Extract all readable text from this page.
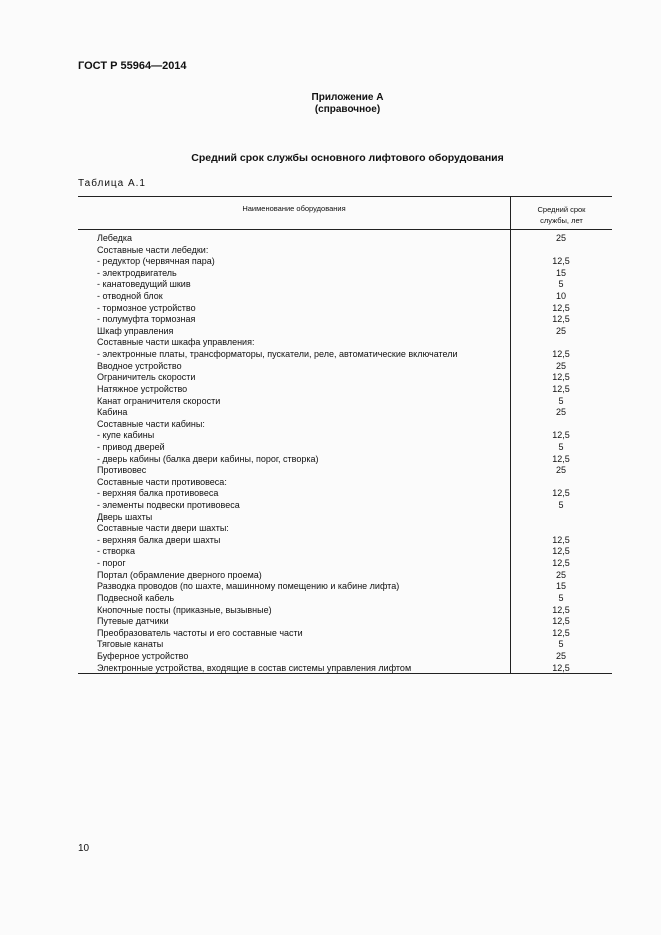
ГОСТ Р 55964—2014
Приложение А
(справочное)
Средний срок службы основного лифтового оборудования
Таблица А.1
Наименование оборудования	Средний срок
службы, лет
Лебедка	25
Составные части лебедки:
- редуктор (червячная пара)	12,5
- электродвигатель	15
- канатоведущий шкив	5
- отводной блок	10
- тормозное устройство	12,5
- полумуфта тормозная	12,5
Шкаф управления	25
Составные части шкафа управления:
- электронные платы, трансформаторы, пускатели, реле, автоматические включатели	12,5
Вводное устройство	25
Ограничитель скорости	12,5
Натяжное устройство	12,5
Канат ограничителя скорости	5
Кабина	25
Составные части кабины:
- купе кабины	12,5
- привод дверей	5
- дверь кабины (балка двери кабины, порог, створка)	12,5
Противовес	25
Составные части противовеса:
- верхняя балка противовеса	12,5
- элементы подвески противовеса	5
Дверь шахты
Составные части двери шахты:
- верхняя балка двери шахты	12,5
- створка	12,5
- порог	12,5
Портал (обрамление дверного проема)	25
Разводка проводов (по шахте, машинному помещению и кабине лифта)	15
Подвесной кабель	5
Кнопочные посты (приказные, вызывные)	12,5
Путевые датчики	12,5
Преобразователь частоты и его составные части	12,5
Тяговые канаты	5
Буферное устройство	25
Электронные устройства, входящие в состав системы управления лифтом	12,5
10
